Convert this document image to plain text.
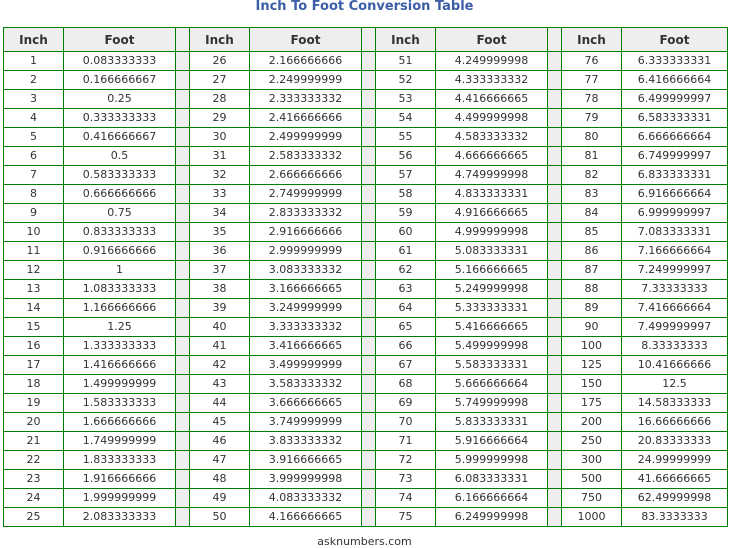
Inch To Foot Conversion Table
Inch	Foot		Inch	Foot		Inch	Foot		Inch	Foot
1	0.083333333		26	2.166666666		51	4.249999998		76	6.333333331
2	0.166666667		27	2.249999999		52	4.333333332		77	6.416666664
3	0.25		28	2.333333332		53	4.416666665		78	6.499999997
4	0.333333333		29	2.416666666		54	4.499999998		79	6.583333331
5	0.416666667		30	2.499999999		55	4.583333332		80	6.666666664
6	0.5		31	2.583333332		56	4.666666665		81	6.749999997
7	0.583333333		32	2.666666666		57	4.749999998		82	6.833333331
8	0.666666666		33	2.749999999		58	4.833333331		83	6.916666664
9	0.75		34	2.833333332		59	4.916666665		84	6.999999997
10	0.833333333		35	2.916666666		60	4.999999998		85	7.083333331
11	0.916666666		36	2.999999999		61	5.083333331		86	7.166666664
12	1		37	3.083333332		62	5.166666665		87	7.249999997
13	1.083333333		38	3.166666665		63	5.249999998		88	7.33333333
14	1.166666666		39	3.249999999		64	5.333333331		89	7.416666664
15	1.25		40	3.333333332		65	5.416666665		90	7.499999997
16	1.333333333		41	3.416666665		66	5.499999998		100	8.33333333
17	1.416666666		42	3.499999999		67	5.583333331		125	10.41666666
18	1.499999999		43	3.583333332		68	5.666666664		150	12.5
19	1.583333333		44	3.666666665		69	5.749999998		175	14.58333333
20	1.666666666		45	3.749999999		70	5.833333331		200	16.66666666
21	1.749999999		46	3.833333332		71	5.916666664		250	20.83333333
22	1.833333333		47	3.916666665		72	5.999999998		300	24.99999999
23	1.916666666		48	3.999999998		73	6.083333331		500	41.66666665
24	1.999999999		49	4.083333332		74	6.166666664		750	62.49999998
25	2.083333333		50	4.166666665		75	6.249999998		1000	83.3333333
asknumbers.com
